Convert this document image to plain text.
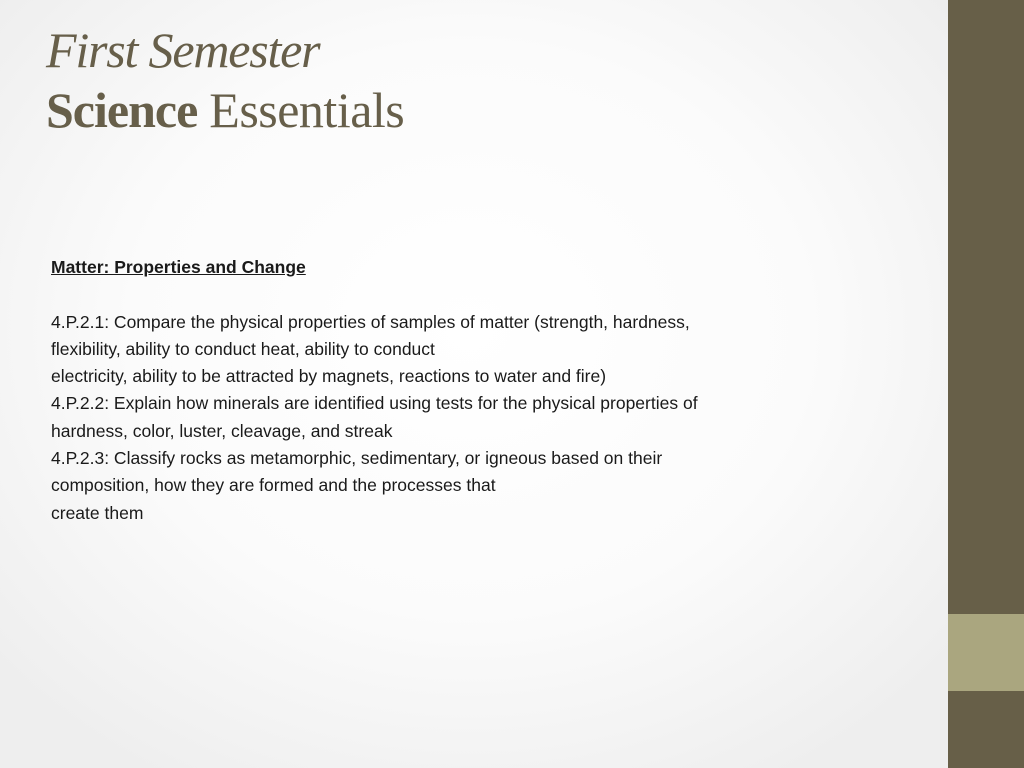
First Semester
Science Essentials
Matter: Properties and Change
4.P.2.1: Compare the physical properties of samples of matter (strength, hardness,
flexibility, ability to conduct heat, ability to conduct
electricity, ability to be attracted by magnets, reactions to water and fire)
4.P.2.2: Explain how minerals are identified using tests for the physical properties of
hardness, color, luster, cleavage, and streak
4.P.2.3: Classify rocks as metamorphic, sedimentary, or igneous based on their
composition, how they are formed and the processes that
create them
